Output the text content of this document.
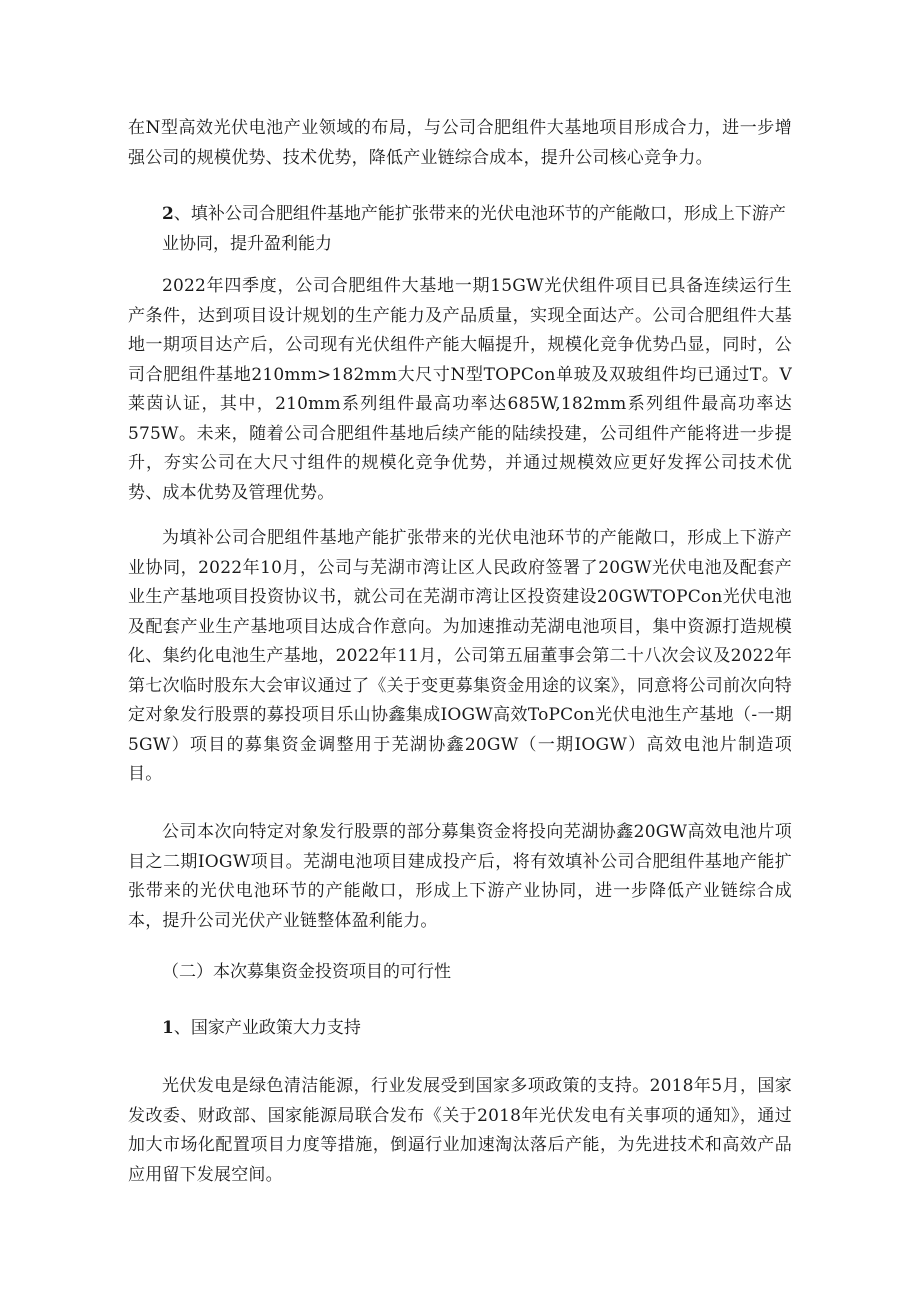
在N型高效光伏电池产业领域的布局，与公司合肥组件大基地项目形成合力，进一步增强公司的规模优势、技术优势，降低产业链综合成本，提升公司核心竞争力。

2、填补公司合肥组件基地产能扩张带来的光伏电池环节的产能敞口，形成上下游产业协同，提升盈利能力

2022年四季度，公司合肥组件大基地一期15GW光伏组件项目已具备连续运行生产条件，达到项目设计规划的生产能力及产品质量，实现全面达产。公司合肥组件大基地一期项目达产后，公司现有光伏组件产能大幅提升，规模化竞争优势凸显，同时，公司合肥组件基地210mm>182mm大尺寸N型TOPCon单玻及双玻组件均已通过T。V莱茵认证，其中，210mm系列组件最高功率达685W,182mm系列组件最高功率达575W。未来，随着公司合肥组件基地后续产能的陆续投建，公司组件产能将进一步提升，夯实公司在大尺寸组件的规模化竞争优势，并通过规模效应更好发挥公司技术优势、成本优势及管理优势。

为填补公司合肥组件基地产能扩张带来的光伏电池环节的产能敞口，形成上下游产业协同，2022年10月，公司与芜湖市湾让区人民政府签署了20GW光伏电池及配套产业生产基地项目投资协议书，就公司在芜湖市湾让区投资建设20GWTOPCon光伏电池及配套产业生产基地项目达成合作意向。为加速推动芜湖电池项目，集中资源打造规模化、集约化电池生产基地，2022年11月，公司第五届董事会第二十八次会议及2022年第七次临时股东大会审议通过了《关于变更募集资金用途的议案》，同意将公司前次向特定对象发行股票的募投项目乐山协鑫集成IOGW高效ToPCon光伏电池生产基地（-一期5GW）项目的募集资金调整用于芜湖协鑫20GW（一期IOGW）高效电池片制造项目。

公司本次向特定对象发行股票的部分募集资金将投向芜湖协鑫20GW高效电池片项目之二期IOGW项目。芜湖电池项目建成投产后，将有效填补公司合肥组件基地产能扩张带来的光伏电池环节的产能敞口，形成上下游产业协同，进一步降低产业链综合成本，提升公司光伏产业链整体盈利能力。

（二）本次募集资金投资项目的可行性

1、国家产业政策大力支持

光伏发电是绿色清洁能源，行业发展受到国家多项政策的支持。2018年5月，国家发改委、财政部、国家能源局联合发布《关于2018年光伏发电有关事项的通知》，通过加大市场化配置项目力度等措施，倒逼行业加速淘汰落后产能，为先进技术和高效产品应用留下发展空间。
